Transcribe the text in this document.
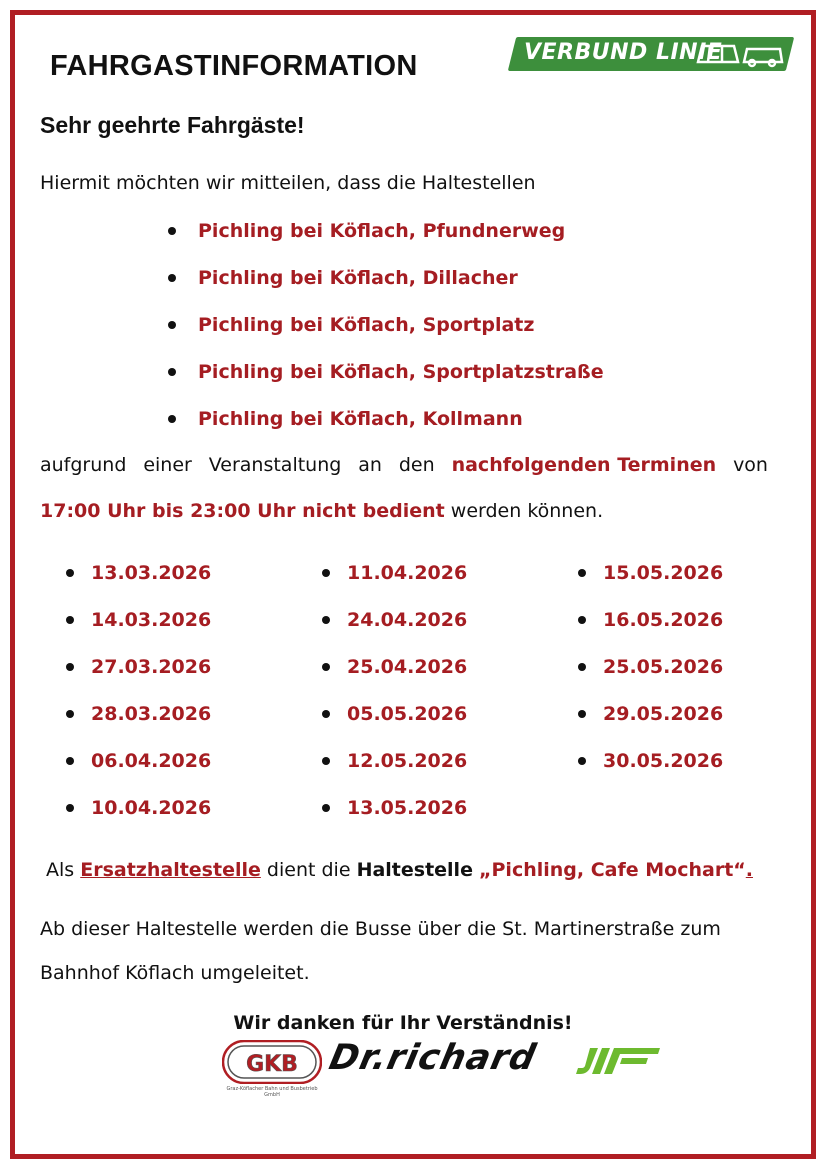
FAHRGASTINFORMATION	VERBUND LINIE
Sehr geehrte Fahrgäste!

Hiermit möchten wir mitteilen, dass die Haltestellen

Pichling bei Köflach, Pfundnerweg
Pichling bei Köflach, Dillacher
Pichling bei Köflach, Sportplatz
Pichling bei Köflach, Sportplatzstraße
Pichling bei Köflach, Kollmann
aufgrund einer Veranstaltung an den nachfolgenden Terminen von

17:00 Uhr bis 23:00 Uhr nicht bedient werden können.

13.03.2026
14.03.2026
27.03.2026
28.03.2026
06.04.2026
10.04.2026
11.04.2026
24.04.2026
25.04.2026
05.05.2026
12.05.2026
13.05.2026
15.05.2026
16.05.2026
25.05.2026
29.05.2026
30.05.2026

Als Ersatzhaltestelle dient die Haltestelle „Pichling, Cafe Mochart“.

Ab dieser Haltestelle werden die Busse über die St. Martinerstraße zum

Bahnhof Köflach umgeleitet.

Wir danken für Ihr Verständnis!

GKB
Graz-Köflacher Bahn und Busbetrieb GmbH
Dr.richard
